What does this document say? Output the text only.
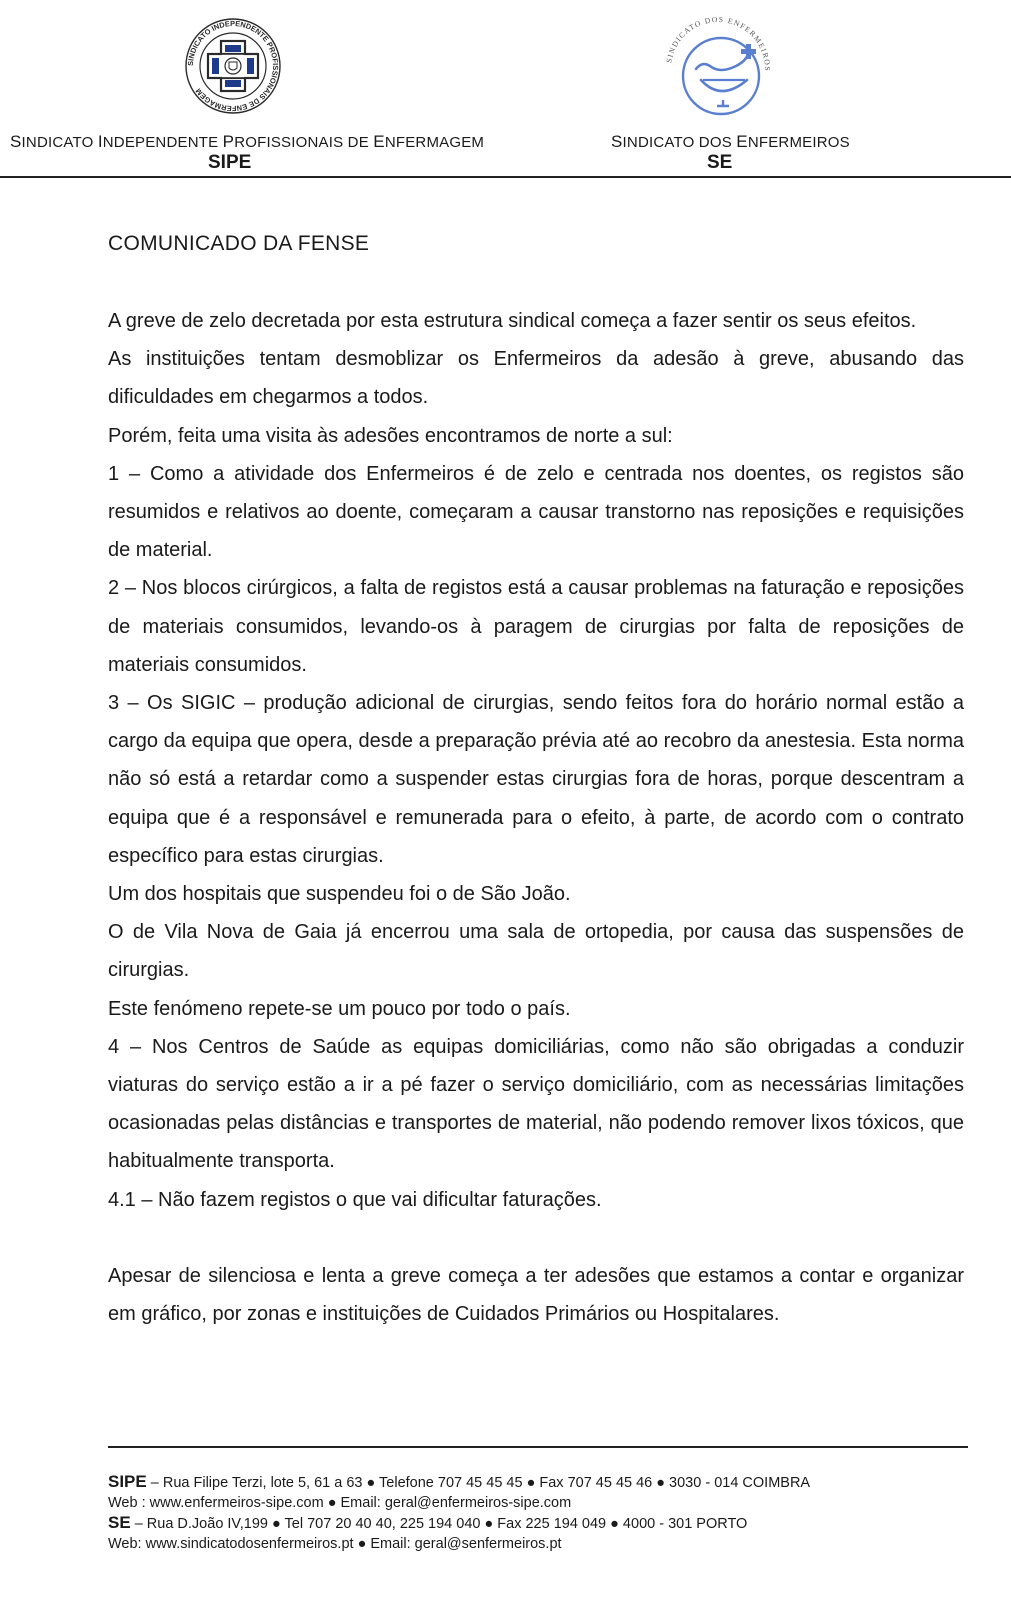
SINDICATO INDEPENDENTE PROFISSIONAIS DE ENFERMAGEM
SINDICATO INDEPENDENTE PROFISSIONAIS DE ENFERMAGEM
SIPE
SINDICATO DOS ENFERMEIROS
SINDICATO DOS ENFERMEIROS
SE
COMUNICADO DA FENSE

A greve de zelo decretada por esta estrutura sindical começa a fazer sentir os seus efeitos.

As instituições tentam desmoblizar os Enfermeiros da adesão à greve, abusando das dificuldades em chegarmos a todos.

Porém, feita uma visita às adesões encontramos de norte a sul:

1 – Como a atividade dos Enfermeiros é de zelo e centrada nos doentes, os registos são resumidos e relativos ao doente, começaram a causar transtorno nas reposições e requisições de material.

2 – Nos blocos cirúrgicos, a falta de registos está a causar problemas na faturação e reposições de materiais consumidos, levando-os à paragem de cirurgias por falta de reposições de materiais consumidos.

3 – Os SIGIC – produção adicional de cirurgias, sendo feitos fora do horário normal estão a cargo da equipa que opera, desde a preparação prévia até ao recobro da anestesia. Esta norma não só está a retardar como a suspender estas cirurgias fora de horas, porque descentram a equipa que é a responsável e remunerada para o efeito, à parte, de acordo com o contrato específico para estas cirurgias.

Um dos hospitais que suspendeu foi o de São João.

O de Vila Nova de Gaia já encerrou uma sala de ortopedia, por causa das suspensões de cirurgias.

Este fenómeno repete-se um pouco por todo o país.

4 – Nos Centros de Saúde as equipas domiciliárias, como não são obrigadas a conduzir viaturas do serviço estão a ir a pé fazer o serviço domiciliário, com as necessárias limitações ocasionadas pelas distâncias e transportes de material, não podendo remover lixos tóxicos, que habitualmente transporta.

4.1 – Não fazem registos o que vai dificultar faturações.

Apesar de silenciosa e lenta a greve começa a ter adesões que estamos a contar e organizar em gráfico, por zonas e instituições de Cuidados Primários ou Hospitalares.

SIPE – Rua Filipe Terzi, lote 5, 61 a 63 ● Telefone 707 45 45 45 ● Fax 707 45 45 46 ● 3030 - 014 COIMBRA
Web : www.enfermeiros-sipe.com ● Email: geral@enfermeiros-sipe.com
SE – Rua D.João IV,199 ● Tel 707 20 40 40, 225 194 040 ● Fax 225 194 049 ● 4000 - 301 PORTO
Web: www.sindicatodosenfermeiros.pt ● Email: geral@senfermeiros.pt
